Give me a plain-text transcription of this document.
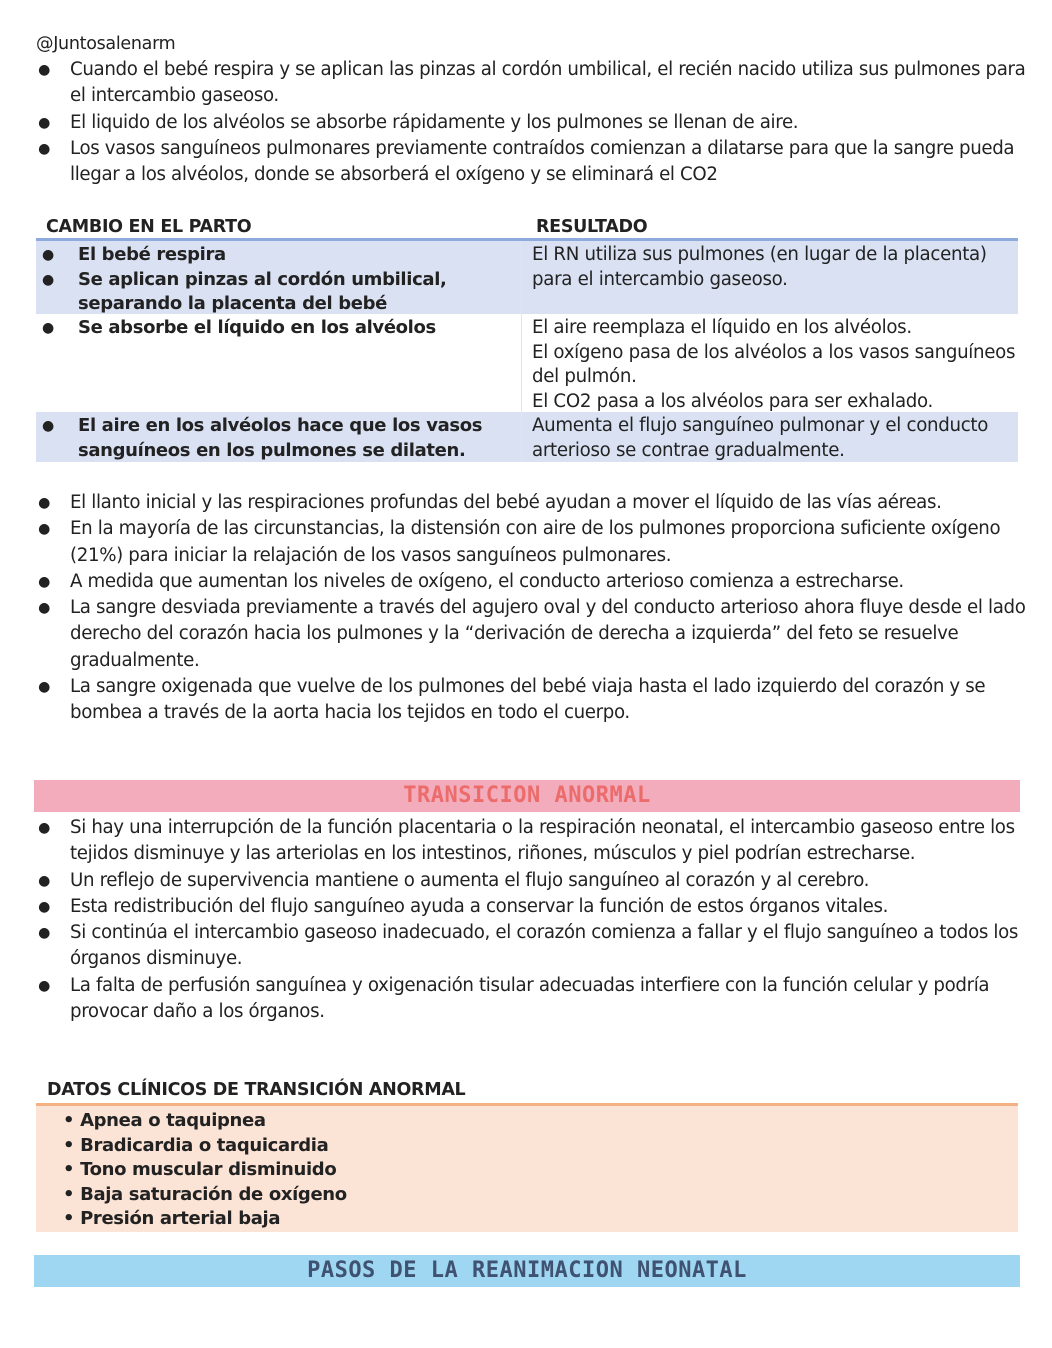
@Juntosalenarm
● Cuando el bebé respira y se aplican las pinzas al cordón umbilical, el recién nacido utiliza sus pulmones para el intercambio gaseoso.
● El liquido de los alvéolos se absorbe rápidamente y los pulmones se llenan de aire.
● Los vasos sanguíneos pulmonares previamente contraídos comienzan a dilatarse para que la sangre pueda llegar a los alvéolos, donde se absorberá el oxígeno y se eliminará el CO2
CAMBIO EN EL PARTO	RESULTADO
● El bebé respira
● Se aplican pinzas al cordón umbilical, separando la placenta del bebé

El RN utiliza sus pulmones (en lugar de la placenta) para el intercambio gaseoso.

● Se absorbe el líquido en los alvéolos	El aire reemplaza el líquido en los alvéolos.

El oxígeno pasa de los alvéolos a los vasos sanguíneos del pulmón.

El CO2 pasa a los alvéolos para ser exhalado.

● El aire en los alvéolos hace que los vasos sanguíneos en los pulmones se dilaten.

Aumenta el flujo sanguíneo pulmonar y el conducto arterioso se contrae gradualmente.

● El llanto inicial y las respiraciones profundas del bebé ayudan a mover el líquido de las vías aéreas.
● En la mayoría de las circunstancias, la distensión con aire de los pulmones proporciona suficiente oxígeno (21%) para iniciar la relajación de los vasos sanguíneos pulmonares.
● A medida que aumentan los niveles de oxígeno, el conducto arterioso comienza a estrecharse.
● La sangre desviada previamente a través del agujero oval y del conducto arterioso ahora fluye desde el lado derecho del corazón hacia los pulmones y la “derivación de derecha a izquierda” del feto se resuelve gradualmente.
● La sangre oxigenada que vuelve de los pulmones del bebé viaja hasta el lado izquierdo del corazón y se bombea a través de la aorta hacia los tejidos en todo el cuerpo.
TRANSICION ANORMAL
● Si hay una interrupción de la función placentaria o la respiración neonatal, el intercambio gaseoso entre los tejidos disminuye y las arteriolas en los intestinos, riñones, músculos y piel podrían estrecharse.
● Un reflejo de supervivencia mantiene o aumenta el flujo sanguíneo al corazón y al cerebro.
● Esta redistribución del flujo sanguíneo ayuda a conservar la función de estos órganos vitales.
● Si continúa el intercambio gaseoso inadecuado, el corazón comienza a fallar y el flujo sanguíneo a todos los órganos disminuye.
● La falta de perfusión sanguínea y oxigenación tisular adecuadas interfiere con la función celular y podría provocar daño a los órganos.
DATOS CLÍNICOS DE TRANSICIÓN ANORMAL
• Apnea o taquipnea
• Bradicardia o taquicardia
• Tono muscular disminuido
• Baja saturación de oxígeno
• Presión arterial baja
PASOS DE LA REANIMACION NEONATAL
